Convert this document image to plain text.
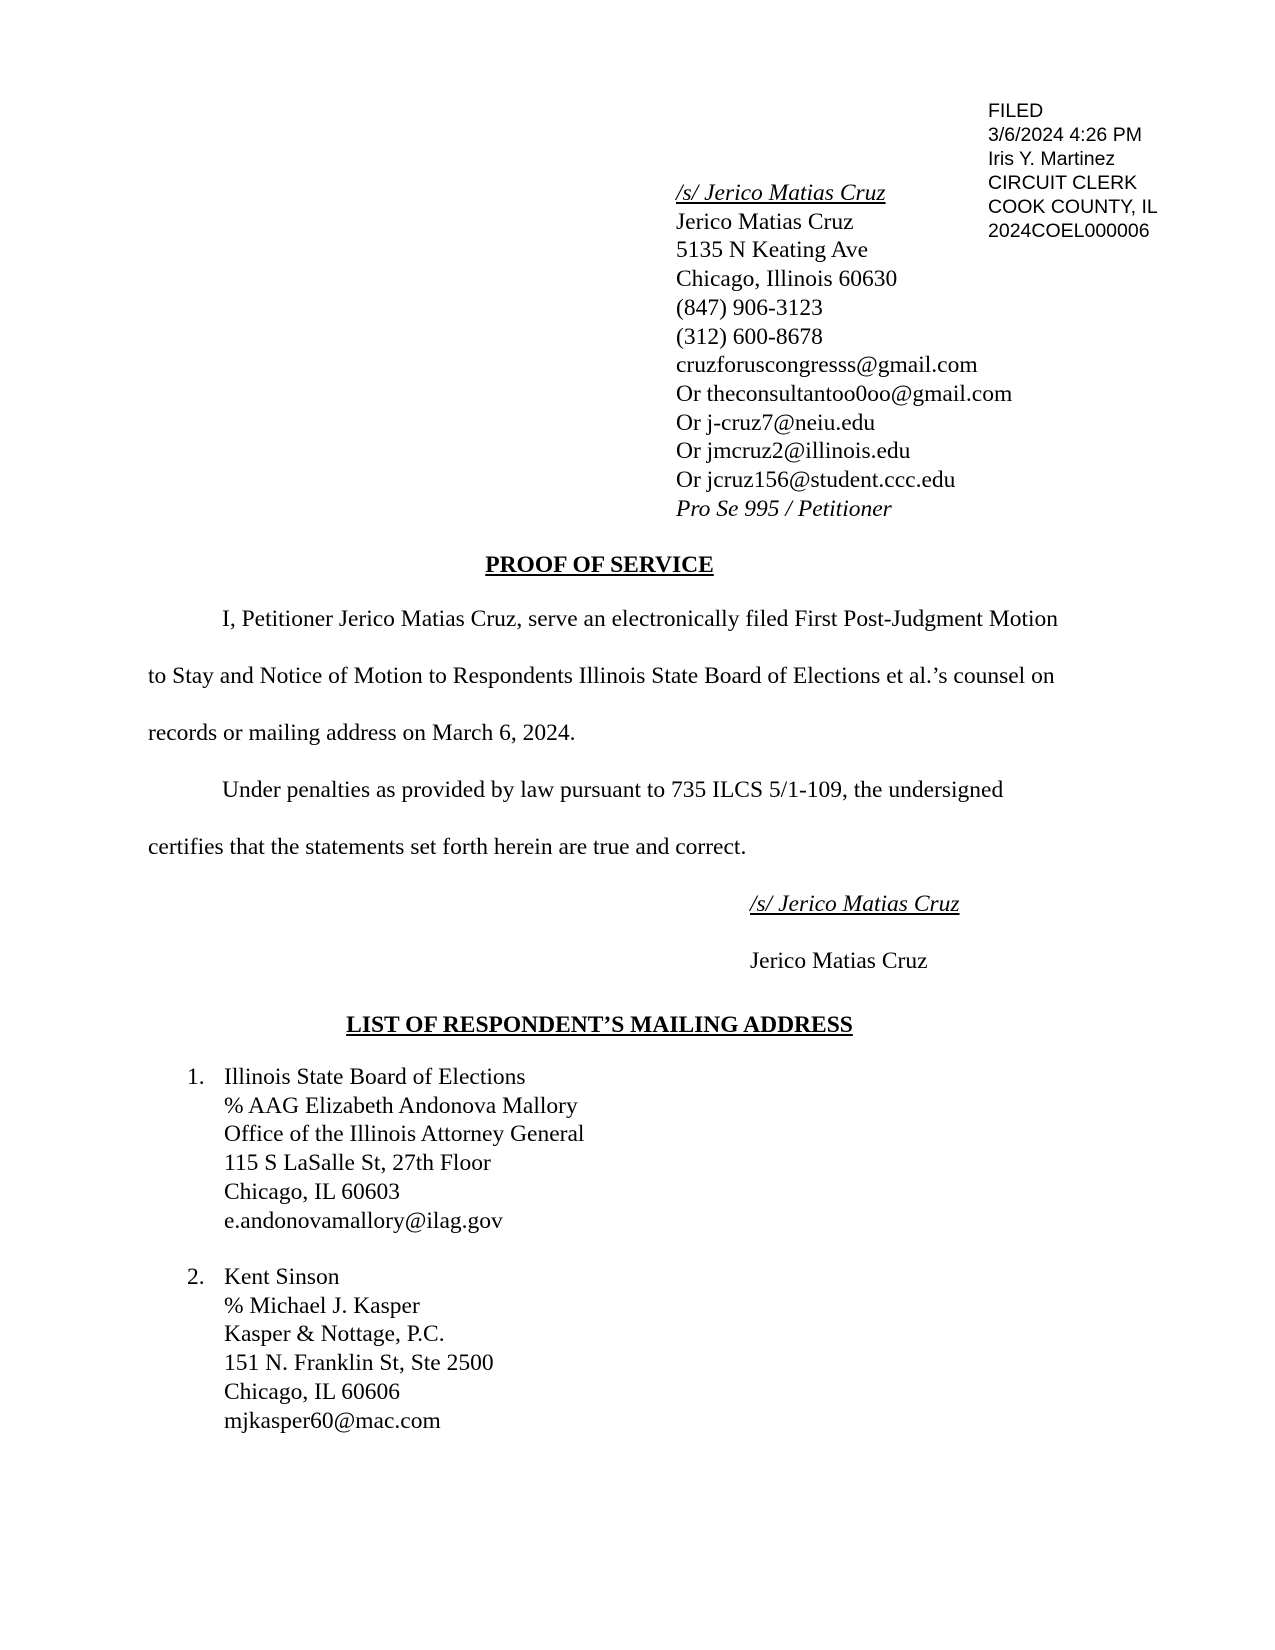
FILED
3/6/2024 4:26 PM
Iris Y. Martinez
CIRCUIT CLERK
COOK COUNTY, IL
2024COEL000006
/s/ Jerico Matias Cruz
Jerico Matias Cruz
5135 N Keating Ave
Chicago, Illinois 60630
(847) 906-3123
(312) 600-8678
cruzforuscongresss@gmail.com
Or theconsultantoo0oo@gmail.com
Or j-cruz7@neiu.edu
Or jmcruz2@illinois.edu
Or jcruz156@student.ccc.edu
Pro Se 995 / Petitioner
PROOF OF SERVICE
I, Petitioner Jerico Matias Cruz, serve an electronically filed First Post-Judgment Motion
to Stay and Notice of Motion to Respondents Illinois State Board of Elections et al.’s counsel on
records or mailing address on March 6, 2024.
Under penalties as provided by law pursuant to 735 ILCS 5/1-109, the undersigned
certifies that the statements set forth herein are true and correct.
/s/ Jerico Matias Cruz
Jerico Matias Cruz
LIST OF RESPONDENT’S MAILING ADDRESS
1. Illinois State Board of Elections
% AAG Elizabeth Andonova Mallory
Office of the Illinois Attorney General
115 S LaSalle St, 27th Floor
Chicago, IL 60603
e.andonovamallory@ilag.gov
2. Kent Sinson
% Michael J. Kasper
Kasper & Nottage, P.C.
151 N. Franklin St, Ste 2500
Chicago, IL 60606
mjkasper60@mac.com
